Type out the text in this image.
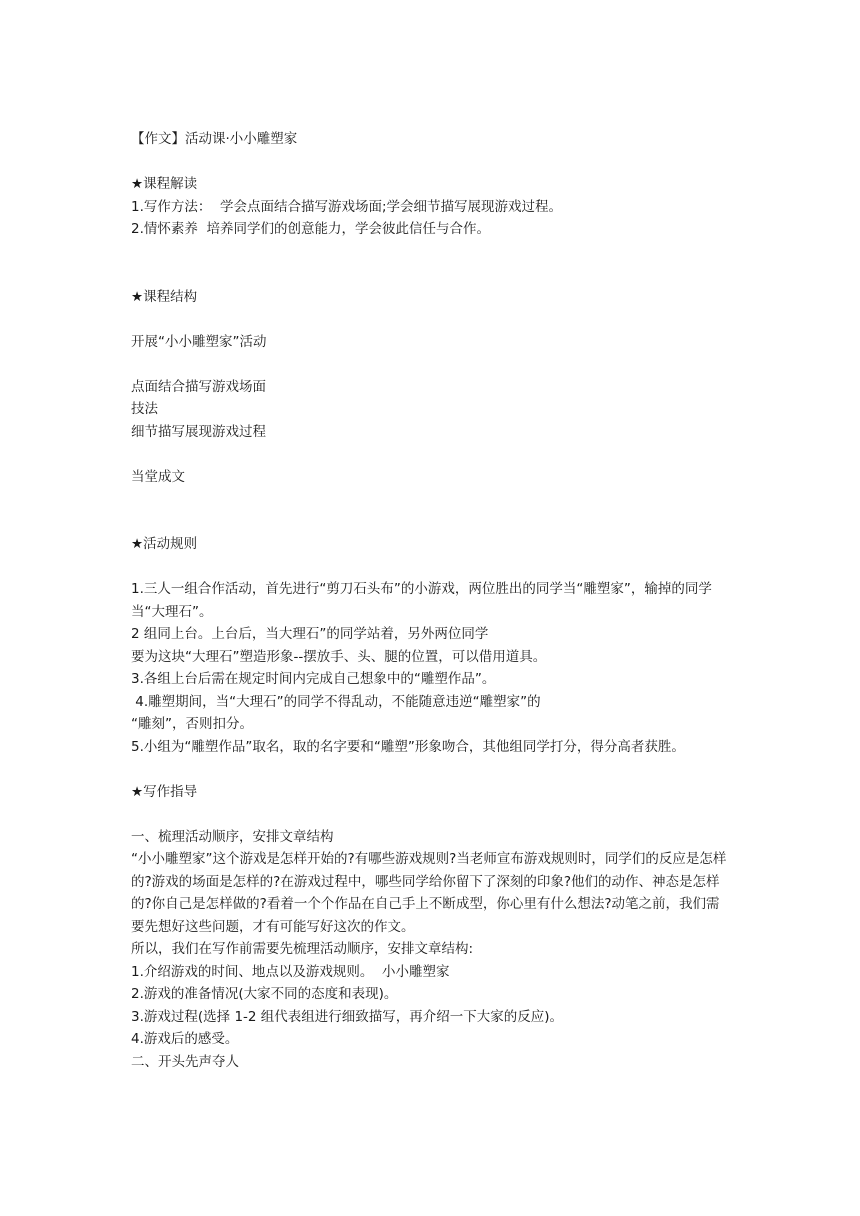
【作文】活动课·小小雕塑家
★课程解读
1.写作方法：  学会点面结合描写游戏场面;学会细节描写展现游戏过程。
2.情怀素养  培养同学们的创意能力，学会彼此信任与合作。
★课程结构
开展“小小雕塑家”活动
点面结合描写游戏场面
技法
细节描写展现游戏过程
当堂成文
★活动规则
1.三人一组合作活动，首先进行“剪刀石头布”的小游戏，两位胜出的同学当“雕塑家”，输掉的同学当“大理石”。
2 组同上台。上台后，当大理石”的同学站着，另外两位同学
要为这块“大理石”塑造形象--摆放手、头、腿的位置，可以借用道具。
3.各组上台后需在规定时间内完成自己想象中的“雕塑作品”。
4.雕塑期间，当“大理石”的同学不得乱动，不能随意违逆“雕塑家”的
“雕刻”，否则扣分。
5.小组为“雕塑作品”取名，取的名字要和“雕塑”形象吻合，其他组同学打分，得分高者获胜。
★写作指导
一、梳理活动顺序，安排文章结构
“小小雕塑家”这个游戏是怎样开始的?有哪些游戏规则?当老师宣布游戏规则时，同学们的反应是怎样的?游戏的场面是怎样的?在游戏过程中，哪些同学给你留下了深刻的印象?他们的动作、神态是怎样的?你自己是怎样做的?看着一个个作品在自己手上不断成型，你心里有什么想法?动笔之前，我们需要先想好这些问题，才有可能写好这次的作文。
所以，我们在写作前需要先梳理活动顺序，安排文章结构:
1.介绍游戏的时间、地点以及游戏规则。  小小雕塑家
2.游戏的准备情况(大家不同的态度和表现)。
3.游戏过程(选择 1-2 组代表组进行细致描写，再介绍一下大家的反应)。
4.游戏后的感受。
二、开头先声夺人
